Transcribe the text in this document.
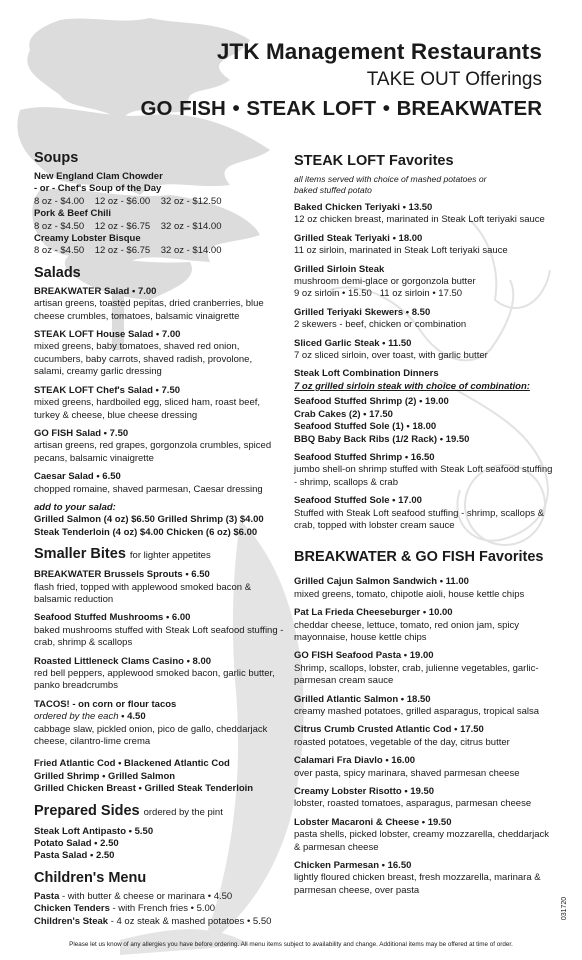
JTK Management Restaurants
TAKE OUT Offerings
GO FISH • STEAK LOFT • BREAKWATER
Soups
New England Clam Chowder
- or - Chef's Soup of the Day
8 oz - $4.00    12 oz - $6.00    32 oz - $12.50
Pork & Beef Chili
8 oz - $4.50    12 oz - $6.75    32 oz - $14.00
Creamy Lobster Bisque
8 oz - $4.50    12 oz - $6.75    32 oz - $14.00
Salads
BREAKWATER Salad • 7.00
artisan greens, toasted pepitas, dried cranberries, blue cheese crumbles, tomatoes, balsamic vinaigrette
STEAK LOFT House Salad • 7.00
mixed greens, baby tomatoes, shaved red onion, cucumbers, baby carrots, shaved radish, provolone, salami, creamy garlic dressing
STEAK LOFT Chef's Salad • 7.50
mixed greens, hardboiled egg, sliced ham, roast beef, turkey & cheese, blue cheese dressing
GO FISH Salad • 7.50
artisan greens, red grapes, gorgonzola crumbles, spiced pecans, balsamic vinaigrette
Caesar Salad • 6.50
chopped romaine, shaved parmesan, Caesar dressing
add to your salad:
Grilled Salmon (4 oz) $6.50 Grilled Shrimp (3) $4.00
Steak Tenderloin (4 oz) $4.00 Chicken (6 oz) $6.00
Smaller Bites for lighter appetites
BREAKWATER Brussels Sprouts • 6.50
flash fried, topped with applewood smoked bacon & balsamic reduction
Seafood Stuffed Mushrooms • 6.00
baked mushrooms stuffed with Steak Loft seafood stuffing - crab, shrimp & scallops
Roasted Littleneck Clams Casino • 8.00
red bell peppers, applewood smoked bacon, garlic butter, panko breadcrumbs
TACOS! - on corn or flour tacos
ordered by the each • 4.50
cabbage slaw, pickled onion, pico de gallo, cheddarjack cheese, cilantro-lime crema
Fried Atlantic Cod • Blackened Atlantic Cod
Grilled Shrimp • Grilled Salmon
Grilled Chicken Breast • Grilled Steak Tenderloin
Prepared Sides ordered by the pint
Steak Loft Antipasto • 5.50
Potato Salad • 2.50
Pasta Salad • 2.50
Children's Menu
Pasta - with butter & cheese or marinara • 4.50
Chicken Tenders - with French fries • 5.00
Children's Steak - 4 oz steak & mashed potatoes • 5.50
STEAK LOFT Favorites
all items served with choice of mashed potatoes or baked stuffed potato
Baked Chicken Teriyaki • 13.50
12 oz chicken breast, marinated in Steak Loft teriyaki sauce
Grilled Steak Teriyaki • 18.00
11 oz sirloin, marinated in Steak Loft teriyaki sauce
Grilled Sirloin Steak
mushroom demi-glace or gorgonzola butter
9 oz sirloin • 15.50   11 oz sirloin • 17.50
Grilled Teriyaki Skewers • 8.50
2 skewers - beef, chicken or combination
Sliced Garlic Steak • 11.50
7 oz sliced sirloin, over toast, with garlic butter
Steak Loft Combination Dinners
7 oz grilled sirloin steak with choice of combination:
Seafood Stuffed Shrimp (2) • 19.00
Crab Cakes (2) • 17.50
Seafood Stuffed Sole (1) • 18.00
BBQ Baby Back Ribs (1/2 Rack) • 19.50
Seafood Stuffed Shrimp • 16.50
jumbo shell-on shrimp stuffed with Steak Loft seafood stuffing - shrimp, scallops & crab
Seafood Stuffed Sole • 17.00
Stuffed with Steak Loft seafood stuffing - shrimp, scallops & crab, topped with lobster cream sauce
BREAKWATER & GO FISH Favorites
Grilled Cajun Salmon Sandwich • 11.00
mixed greens, tomato, chipotle aioli, house kettle chips
Pat La Frieda Cheeseburger • 10.00
cheddar cheese, lettuce, tomato, red onion jam, spicy mayonnaise, house kettle chips
GO FISH Seafood Pasta • 19.00
Shrimp, scallops, lobster, crab, julienne vegetables, garlic-parmesan cream sauce
Grilled Atlantic Salmon • 18.50
creamy mashed potatoes, grilled asparagus, tropical salsa
Citrus Crumb Crusted Atlantic Cod • 17.50
roasted potatoes, vegetable of the day, citrus butter
Calamari Fra Diavlo • 16.00
over pasta, spicy marinara, shaved parmesan cheese
Creamy Lobster Risotto • 19.50
lobster, roasted tomatoes, asparagus, parmesan cheese
Lobster Macaroni & Cheese • 19.50
pasta shells, picked lobster, creamy mozzarella, cheddarjack & parmesan cheese
Chicken Parmesan • 16.50
lightly floured chicken breast, fresh mozzarella, marinara & parmesan cheese, over pasta
Please let us know of any allergies you have before ordering. All menu items subject to availability and change. Additional items may be offered at time of order.
031720
